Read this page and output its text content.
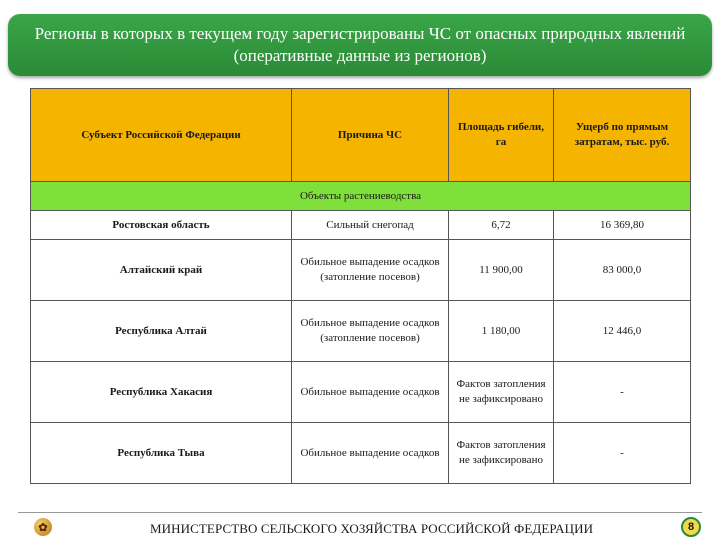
Регионы в которых в текущем году зарегистрированы ЧС от опасных природных явлений (оперативные данные из регионов)
Субъект Российской Федерации	Причина ЧС	Площадь гибели, га	Ущерб по прямым затратам, тыс. руб.
Объекты растениеводства			
Ростовская область	Сильный снегопад	6,72	16 369,80
Алтайский край	Обильное выпадение осадков (затопление посевов)	11 900,00	83 000,0
Республика Алтай	Обильное выпадение осадков (затопление посевов)	1 180,00	12 446,0
Республика Хакасия	Обильное выпадение осадков	Фактов затопления не зафиксировано	-
Республика Тыва	Обильное выпадение осадков	Фактов затопления не зафиксировано	-
✿	МИНИСТЕРСТВО СЕЛЬСКОГО ХОЗЯЙСТВА РОССИЙСКОЙ ФЕДЕРАЦИИ	8
